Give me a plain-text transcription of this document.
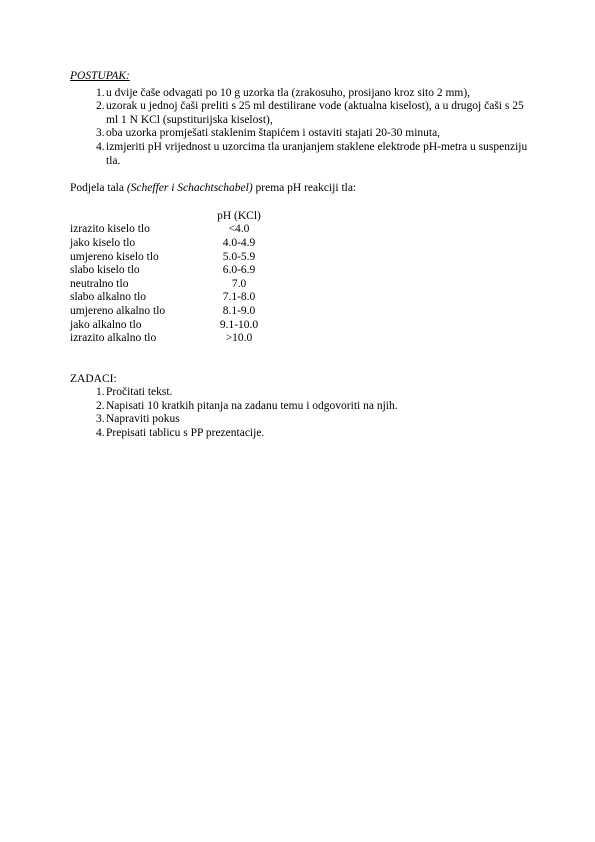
POSTUPAK:

1 . u dvije čaše odvagati po 10 g uzorka tla (zrakosuho, prosijano kroz sito 2 mm),
2 . uzorak u jednoj čaši preliti s 25 ml destilirane vode (aktualna kiselost), a u drugoj čaši s 25 ml 1 N KCl (supstiturijska kiselost),
3 . oba uzorka promješati staklenim štapićem i ostaviti stajati 20-30 minuta,
4 . izmjeriti pH vrijednost u uzorcima tla uranjanjem staklene elektrode pH-metra u suspenziju tla.
Podjela tala (Scheffer i Schachtschabel) prema pH reakciji tla:
pH (KCl)
izrazito kiselo tlo	<4.0
jako kiselo tlo	4.0-4.9
umjereno kiselo tlo	5.0-5.9
slabo kiselo tlo	6.0-6.9
neutralno tlo	7.0
slabo alkalno tlo	7.1-8.0
umjereno alkalno tlo	8.1-9.0
jako alkalno tlo	9.1-10.0
izrazito alkalno tlo	>10.0
ZADACI:
1 . Pročitati tekst.
2 . Napisati 10 kratkih pitanja na zadanu temu i odgovoriti na njih.
3 . Napraviti pokus
4 . Prepisati tablicu s PP prezentacije.
